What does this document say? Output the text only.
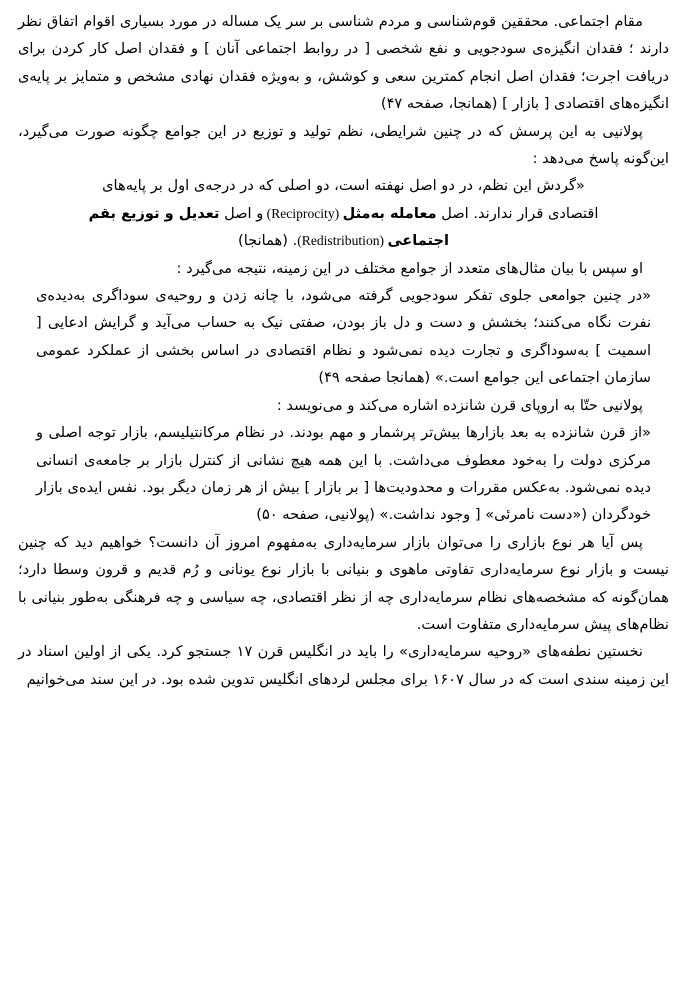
مقام اجتماعی. محققین قوم‌شناسی و مردم شناسی بر سر یک مساله در مورد بسیاری اقوام اتفاق نظر دارند ؛ فقدان انگیزه‌ی سودجویی و نفع شخصی [ در روابط اجتماعی آنان ] و فقدان اصل کار کردن برای دریافت اجرت؛ فقدان اصل انجام کمترین سعی و کوشش، و به‌ویژه فقدان نهادی مشخص و متمایز بر پایه‌ی انگیزه‌های اقتصادی [ بازار ] (همانجا، صفحه ۴۷)

پولانیی به این پرسش که در چنین شرایطی، نظم تولید و توزیع در این جوامع چگونه صورت می‌گیرد، این‌گونه پاسخ می‌دهد :

«گردش این نظم، در دو اصل نهفته است، دو اصلی که در درجه‌ی اول بر پایه‌های

اقتصادی قرار ندارند. اصل معامله به‌مثل (Reciprocity) و اصل تعدیل و توزیع بقم

اجتماعی (Redistribution). (همانجا)

او سپس با بیان مثال‌های متعدد از جوامع مختلف در این زمینه، نتیجه می‌گیرد :

«در چنین جوامعی جلوی تفکر سودجویی گرفته می‌شود، با چانه زدن و روحیه‌ی سوداگری به‌دیده‌ی نفرت نگاه می‌کنند؛ بخشش و دست و دل باز بودن، صفتی نیک به حساب می‌آید و گرایش ادعایی [ اسمیت ] به‌سوداگری و تجارت دیده نمی‌شود و نظام اقتصادی در اساس بخشی از عملکرد عمومی سازمان اجتماعی این جوامع است.» (همانجا صفحه ۴۹)

پولانیی حتّا به اروپای قرن شانزده اشاره می‌کند و می‌نویسد :

«از قرن شانزده به بعد بازارها بیش‌تر پرشمار و مهم بودند. در نظام مرکانتیلیسم، بازار توجه اصلی و مرکزی دولت را به‌خود معطوف می‌داشت. با این همه هیچ نشانی از کنترل بازار بر جامعه‌ی انسانی دیده نمی‌شود. به‌عکس مقررات و محدودیت‌ها [ بر بازار ] بیش از هر زمان دیگر بود. نفس ایده‌ی بازار خودگردان («دست نامرئی» [ وجود نداشت.» (پولانیی، صفحه ۵۰)

پس آیا هر نوع بازاری را می‌توان بازار سرمایه‌داری به‌مفهوم امروز آن دانست؟ خواهیم دید که چنین نیست و بازار نوع سرمایه‌داری تفاوتی ماهوی و بنیانی با بازار نوع یونانی و رُم قدیم و قرون وسطا دارد؛ همان‌گونه که مشخصه‌های نظام سرمایه‌داری چه از نظر اقتصادی، چه سیاسی و چه فرهنگی به‌طور بنیانی با نظام‌های پیش سرمایه‌داری متفاوت است.

نخستین نطفه‌های «روحیه سرمایه‌داری» را باید در انگلیس قرن ۱۷ جستجو کرد. یکی از اولین اسناد در این زمینه سندی است که در سال ۱۶۰۷ برای مجلس لردهای انگلیس تدوین شده بود. در این سند می‌خوانیم
